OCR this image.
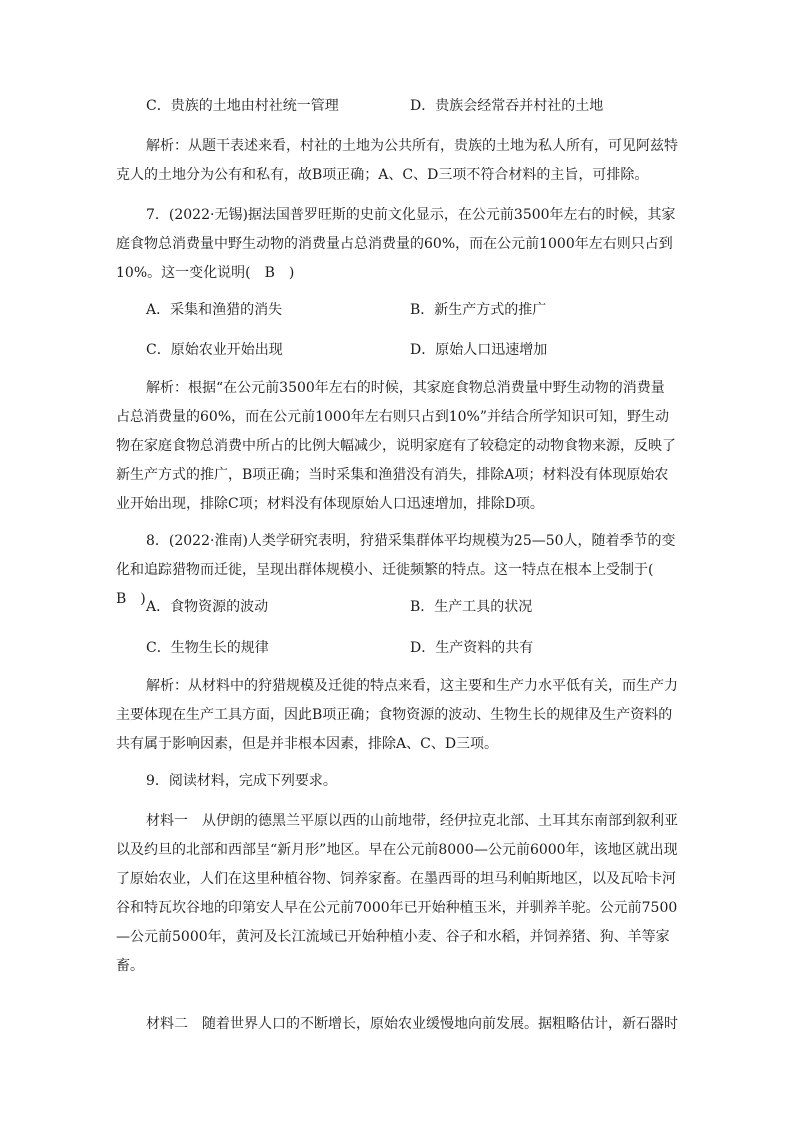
C．贵族的土地由村社统一管理	D．贵族会经常吞并村社的土地

解析：从题干表述来看，村社的土地为公共所有，贵族的土地为私人所有，可见阿兹特克人的土地分为公有和私有，故B项正确；A、C、D三项不符合材料的主旨，可排除。

7．(2022·无锡)据法国普罗旺斯的史前文化显示，在公元前3500年左右的时候，其家庭食物总消费量中野生动物的消费量占总消费量的60%，而在公元前1000年左右则只占到10%。这一变化说明(　B　)

A．采集和渔猎的消失	B．新生产方式的推广
C．原始农业开始出现	D．原始人口迅速增加

解析：根据“在公元前3500年左右的时候，其家庭食物总消费量中野生动物的消费量占总消费量的60%，而在公元前1000年左右则只占到10%”并结合所学知识可知，野生动物在家庭食物总消费中所占的比例大幅减少，说明家庭有了较稳定的动物食物来源，反映了新生产方式的推广，B项正确；当时采集和渔猎没有消失，排除A项；材料没有体现原始农业开始出现，排除C项；材料没有体现原始人口迅速增加，排除D项。

8．(2022·淮南)人类学研究表明，狩猎采集群体平均规模为25—50人，随着季节的变化和追踪猎物而迁徙，呈现出群体规模小、迁徙频繁的特点。这一特点在根本上受制于(　B　) A．食物资源的波动	B．生产工具的状况
C．生物生长的规律	D．生产资料的共有

解析：从材料中的狩猎规模及迁徙的特点来看，这主要和生产力水平低有关，而生产力主要体现在生产工具方面，因此B项正确；食物资源的波动、生物生长的规律及生产资料的共有属于影响因素，但是并非根本因素，排除A、C、D三项。

9．阅读材料，完成下列要求。

材料一　从伊朗的德黑兰平原以西的山前地带，经伊拉克北部、土耳其东南部到叙利亚以及约旦的北部和西部呈“新月形”地区。早在公元前8000—公元前6000年，该地区就出现了原始农业，人们在这里种植谷物、饲养家畜。在墨西哥的坦马利帕斯地区，以及瓦哈卡河谷和特瓦坎谷地的印第安人早在公元前7000年已开始种植玉米，并驯养羊驼。公元前7500—公元前5000年，黄河及长江流域已开始种植小麦、谷子和水稻，并饲养猪、狗、羊等家畜。

材料二　随着世界人口的不断增长，原始农业缓慢地向前发展。据粗略估计，新石器时
